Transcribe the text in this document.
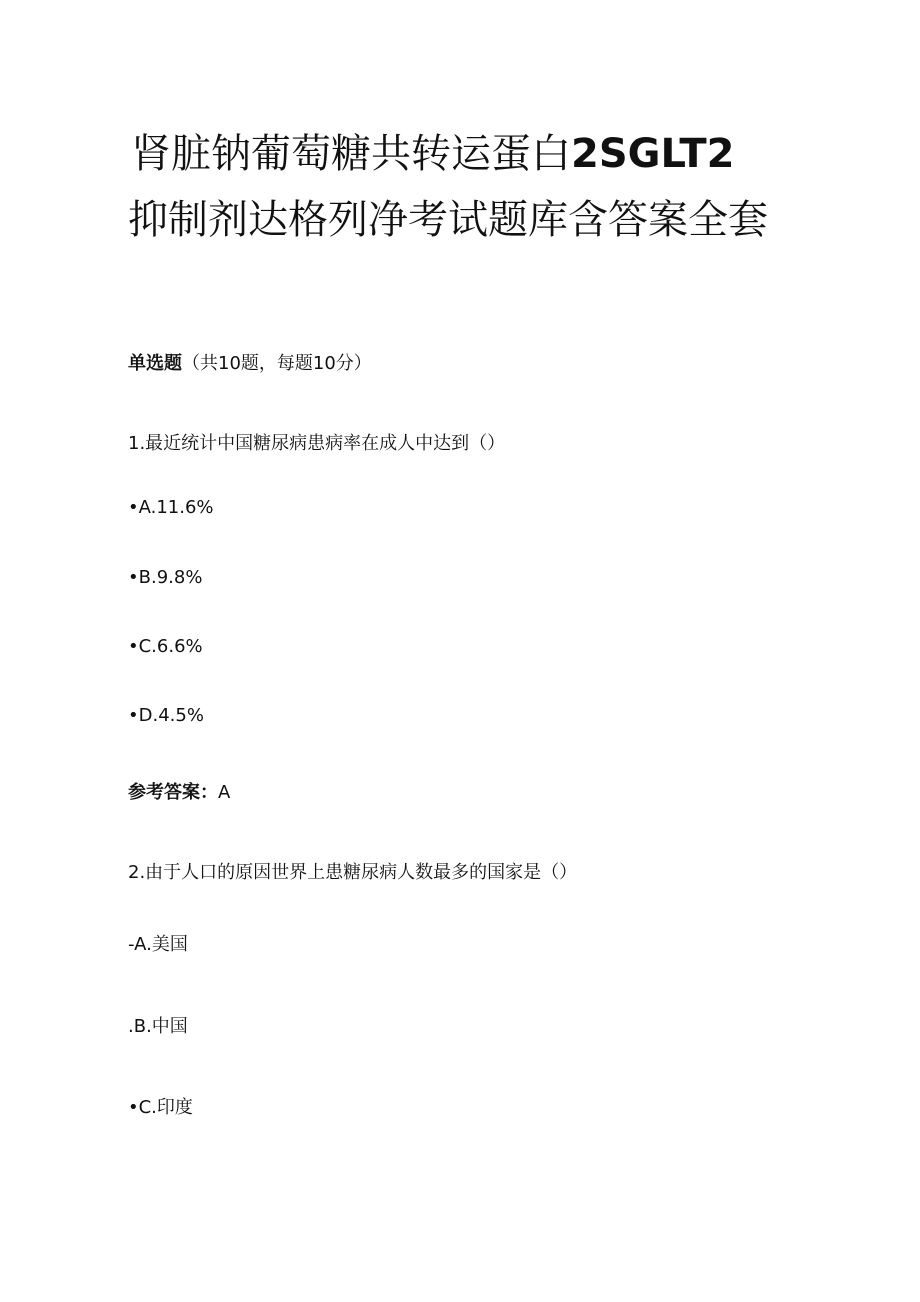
肾脏钠葡萄糖共转运蛋白2SGLT2
抑制剂达格列净考试题库含答案全套
单选题（共10题，每题10分）
1.最近统计中国糖尿病患病率在成人中达到（）
•A.11.6%
•B.9.8%
•C.6.6%
•D.4.5%
参考答案：A
2.由于人口的原因世界上患糖尿病人数最多的国家是（）
-A.美国
.B.中国
•C.印度
